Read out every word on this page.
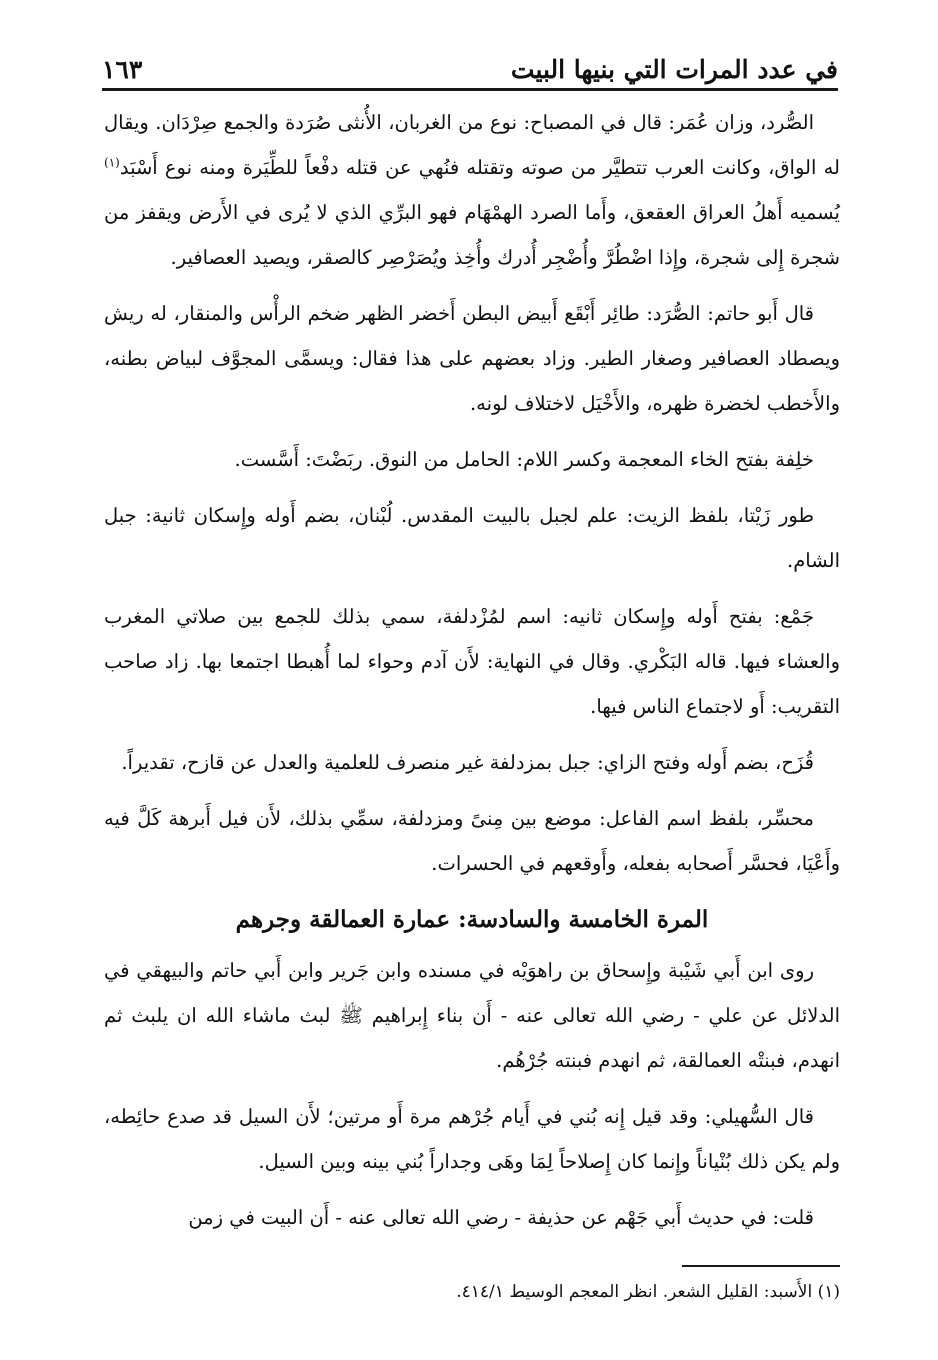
في عدد المرات التي بنيها البيت
١٦٣

الصُّرد، وزان عُمَر: قال في المصباح: نوع من الغربان، الأُنثى صُرَدة والجمع صِرْدَان. ويقال له الواق، وكانت العرب تتطيَّر من صوته وتقتله فنُهي عن قتله دفْعاً للطِّيَرة ومنه نوع أَسْبَد$^{(١)}$ يُسميه أَهلُ العراق العقعق، وأَما الصرد الهمْهَام فهو البرِّي الذي لا يُرى في الأَرض ويقفز من شجرة إِلى شجرة، وإِذا اضْطُرَّ وأُضْجِر أُدرك وأُخِذ ويُصَرْصِر كالصقر، ويصيد العصافير.

قال أَبو حاتم: الصُّرَد: طائِر أَبْقَع أَبيض البطن أَخضر الظهر ضخم الرأْس والمنقار، له ريش ويصطاد العصافير وصغار الطير. وزاد بعضهم على هذا فقال: ويسمَّى المجوَّف لبياض بطنه، والأَخطب لخضرة ظهره، والأَخْيَل لاختلاف لونه.

خلِفة بفتح الخاء المعجمة وكسر اللام: الحامل من النوق. ربَضْتَ: أَسَّست.

طور زَيْتا، بلفظ الزيت: علم لجبل بالبيت المقدس. لُبْنان، بضم أَوله وإِسكان ثانية: جبل الشام.

جَمْع: بفتح أَوله وإِسكان ثانيه: اسم لمُزْدلفة، سمي بذلك للجمع بين صلاتي المغرب والعشاء فيها. قاله البَكْري. وقال في النهاية: لأَن آدم وحواء لما أُهبطا اجتمعا بها. زاد صاحب التقريب: أَو لاجتماع الناس فيها.

قُزَح، بضم أَوله وفتح الزاي: جبل بمزدلفة غير منصرف للعلمية والعدل عن قازح، تقديراً.

محسِّر، بلفظ اسم الفاعل: موضع بين مِنىً ومزدلفة، سمِّي بذلك، لأَن فيل أَبرهة كَلَّ فيه وأَعْيَا، فحسَّر أَصحابه بفعله، وأَوقعهم في الحسرات.

المرة الخامسة والسادسة: عمارة العمالقة وجرهم

روى ابن أَبي شَيْبة وإِسحاق بن راهوَيْه في مسنده وابن جَرير وابن أَبي حاتم والبيهقي في الدلائل عن علي - رضي الله تعالى عنه - أَن بناء إِبراهيم ﷺ لبث ماشاء الله ان يلبث ثم انهدم، فبنتْه العمالقة، ثم انهدم فبنته جُرْهُم.

قال السُّهيلي: وقد قيل إِنه بُني في أَيام جُرْهم مرة أَو مرتين؛ لأَن السيل قد صدع حائِطه، ولم يكن ذلك بُنْياناً وإِنما كان إِصلاحاً لِمَا وهَى وجداراً بُني بينه وبين السيل.

قلت: في حديث أَبي جَهْم عن حذيفة - رضي الله تعالى عنه - أَن البيت في زمن

(١) الأَسبد: القليل الشعر. انظر المعجم الوسيط ٤١٤/١.
